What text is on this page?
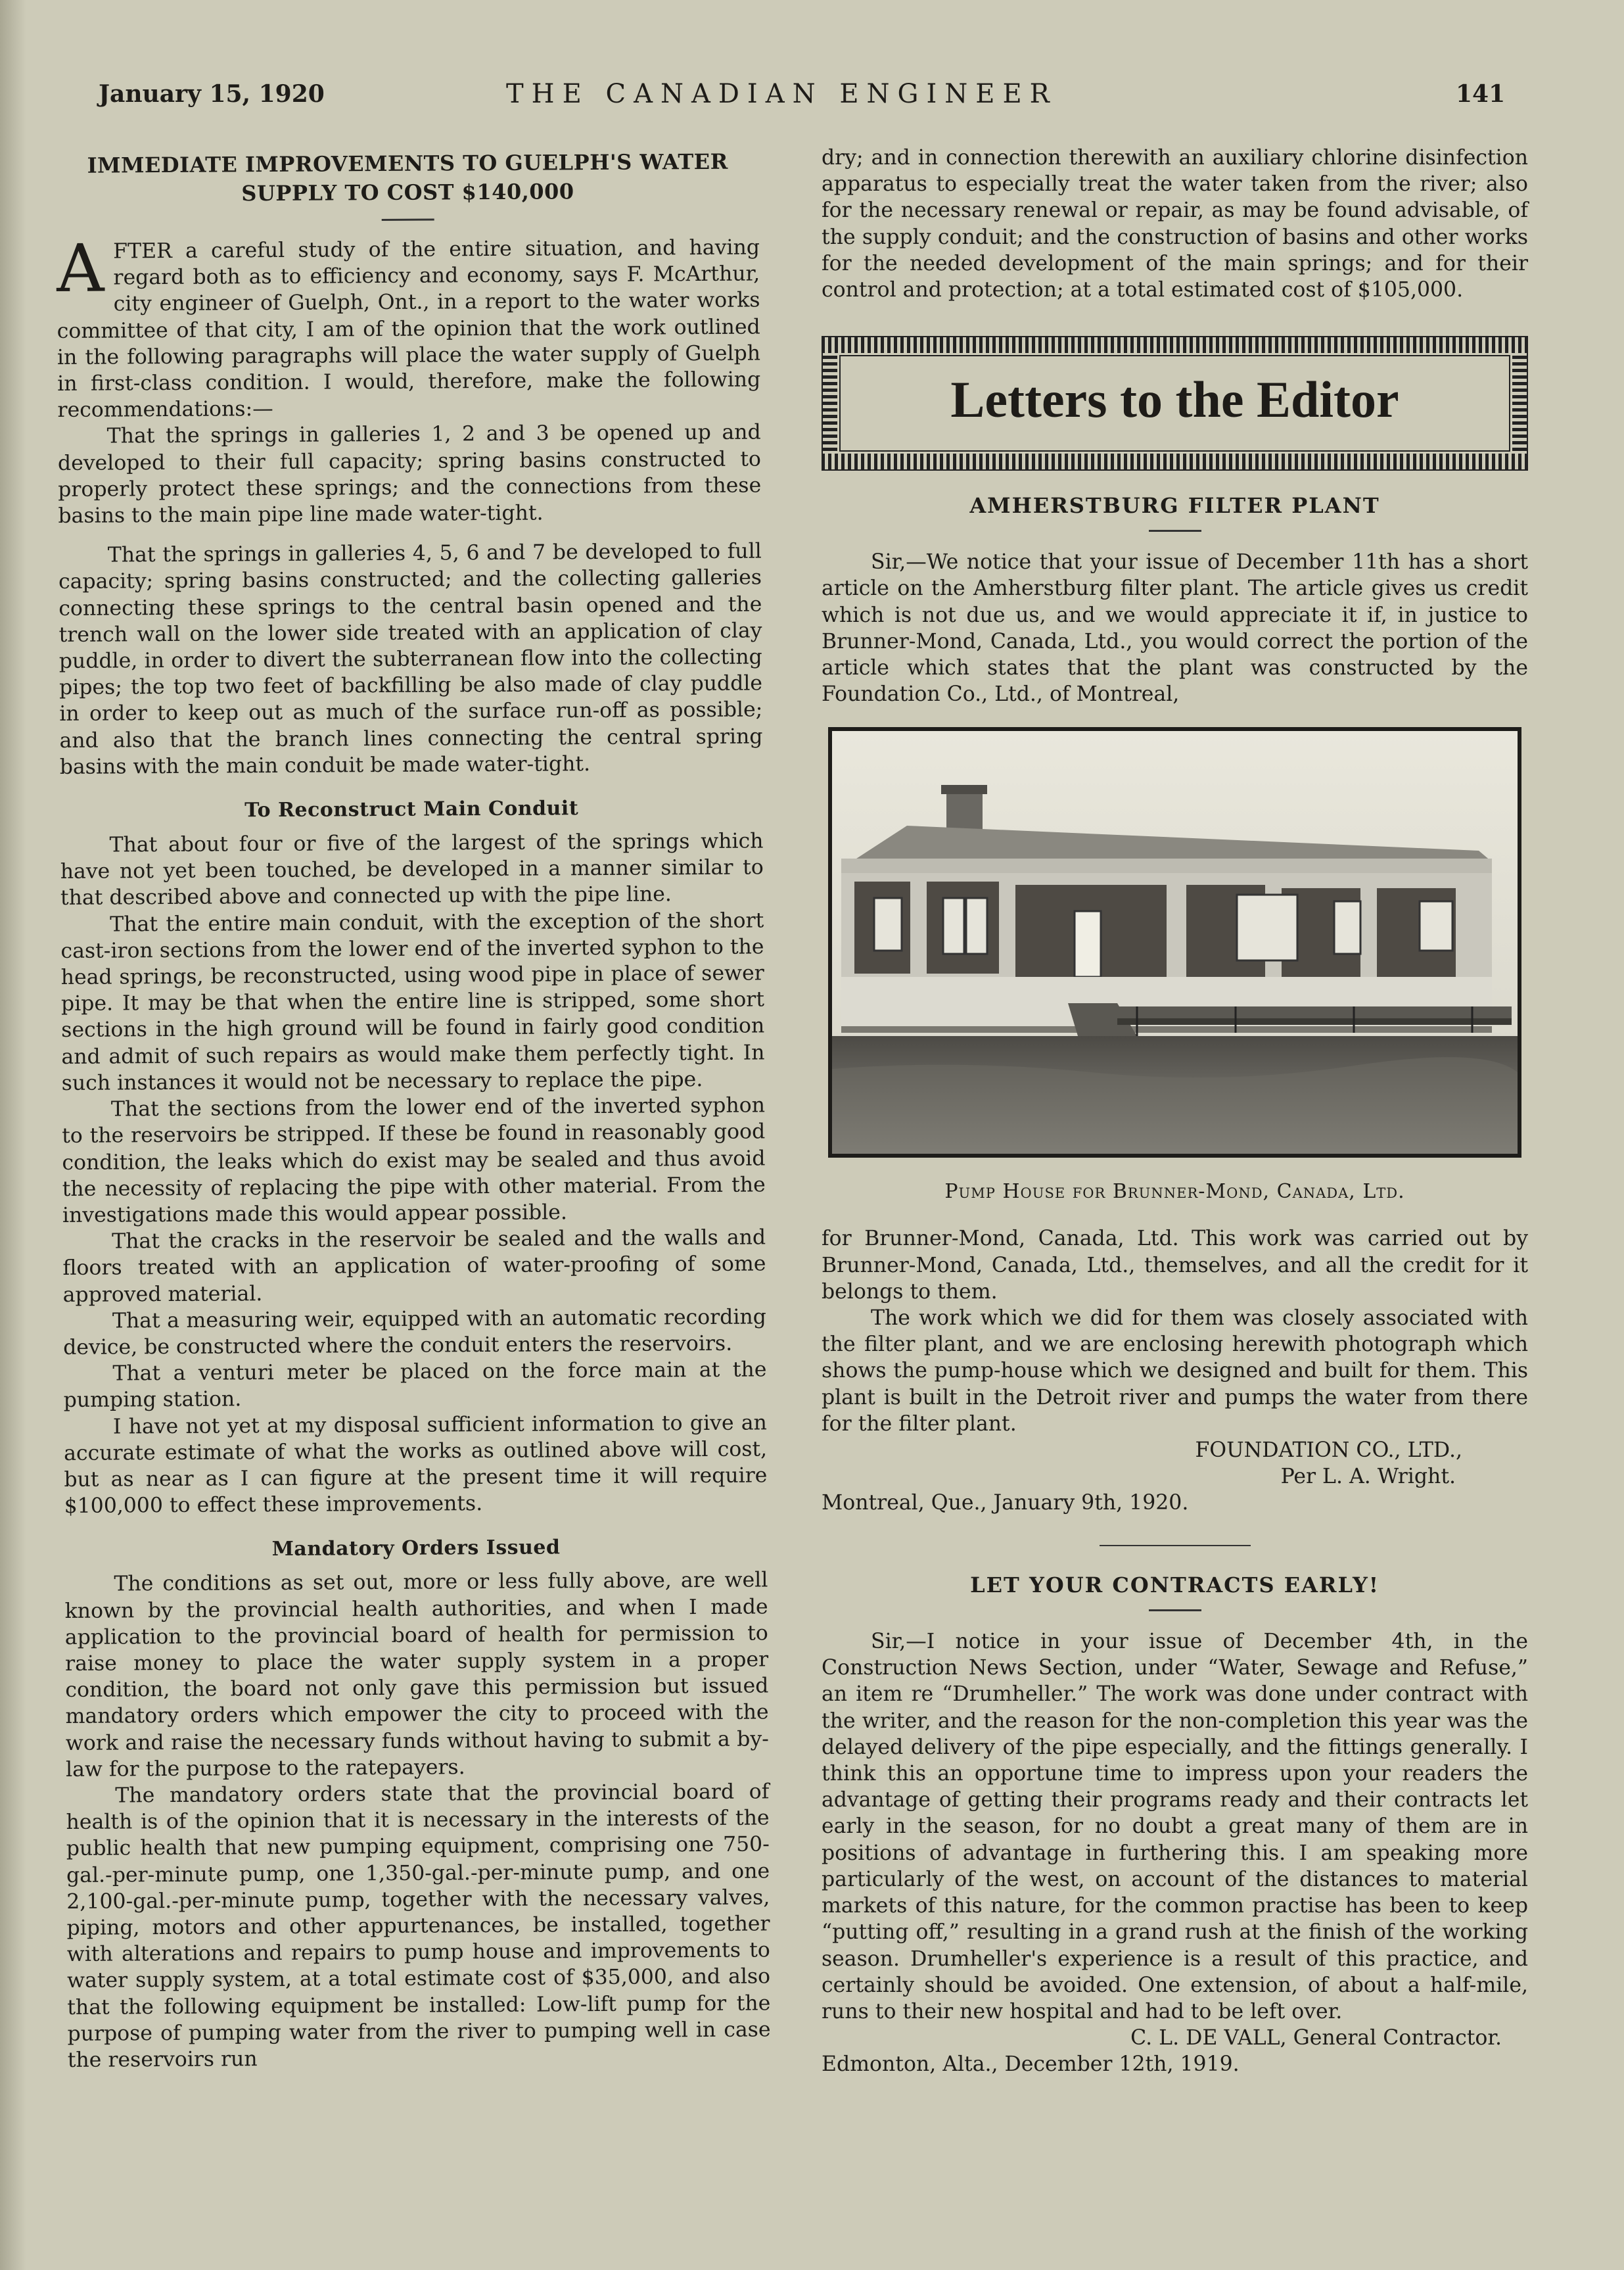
January 15, 1920	THE CANADIAN ENGINEER	141
IMMEDIATE IMPROVEMENTS TO GUELPH'S WATER SUPPLY TO COST $140,000

AFTER a careful study of the entire situation, and having regard both as to efficiency and economy, says F. McArthur, city engineer of Guelph, Ont., in a report to the water works committee of that city, I am of the opinion that the work outlined in the following paragraphs will place the water supply of Guelph in first-class condition. I would, therefore, make the following recommendations:—

That the springs in galleries 1, 2 and 3 be opened up and developed to their full capacity; spring basins constructed to properly protect these springs; and the connections from these basins to the main pipe line made water-tight.

That the springs in galleries 4, 5, 6 and 7 be developed to full capacity; spring basins constructed; and the collecting galleries connecting these springs to the central basin opened and the trench wall on the lower side treated with an application of clay puddle, in order to divert the subterranean flow into the collecting pipes; the top two feet of backfilling be also made of clay puddle in order to keep out as much of the surface run-off as possible; and also that the branch lines connecting the central spring basins with the main conduit be made water-tight.

To Reconstruct Main Conduit

That about four or five of the largest of the springs which have not yet been touched, be developed in a manner similar to that described above and connected up with the pipe line.

That the entire main conduit, with the exception of the short cast-iron sections from the lower end of the inverted syphon to the head springs, be reconstructed, using wood pipe in place of sewer pipe. It may be that when the entire line is stripped, some short sections in the high ground will be found in fairly good condition and admit of such repairs as would make them perfectly tight. In such instances it would not be necessary to replace the pipe.

That the sections from the lower end of the inverted syphon to the reservoirs be stripped. If these be found in reasonably good condition, the leaks which do exist may be sealed and thus avoid the necessity of replacing the pipe with other material. From the investigations made this would appear possible.

That the cracks in the reservoir be sealed and the walls and floors treated with an application of water-proofing of some approved material.

That a measuring weir, equipped with an automatic recording device, be constructed where the conduit enters the reservoirs.

That a venturi meter be placed on the force main at the pumping station.

I have not yet at my disposal sufficient information to give an accurate estimate of what the works as outlined above will cost, but as near as I can figure at the present time it will require $100,000 to effect these improvements.

Mandatory Orders Issued

The conditions as set out, more or less fully above, are well known by the provincial health authorities, and when I made application to the provincial board of health for permission to raise money to place the water supply system in a proper condition, the board not only gave this permission but issued mandatory orders which empower the city to proceed with the work and raise the necessary funds without having to submit a by-law for the purpose to the ratepayers.

The mandatory orders state that the provincial board of health is of the opinion that it is necessary in the interests of the public health that new pumping equipment, comprising one 750-gal.-per-minute pump, one 1,350-gal.-per-minute pump, and one 2,100-gal.-per-minute pump, together with the necessary valves, piping, motors and other appurtenances, be installed, together with alterations and repairs to pump house and improvements to water supply system, at a total estimate cost of $35,000, and also that the following equipment be installed: Low-lift pump for the purpose of pumping water from the river to pumping well in case the reservoirs run

dry; and in connection therewith an auxiliary chlorine disinfection apparatus to especially treat the water taken from the river; also for the necessary renewal or repair, as may be found advisable, of the supply conduit; and the construction of basins and other works for the needed development of the main springs; and for their control and protection; at a total estimated cost of $105,000.

Letters to the Editor
AMHERSTBURG FILTER PLANT

Sir,—We notice that your issue of December 11th has a short article on the Amherstburg filter plant. The article gives us credit which is not due us, and we would appreciate it if, in justice to Brunner-Mond, Canada, Ltd., you would correct the portion of the article which states that the plant was constructed by the Foundation Co., Ltd., of Montreal,

Pump House for Brunner-Mond, Canada, Ltd.

for Brunner-Mond, Canada, Ltd. This work was carried out by Brunner-Mond, Canada, Ltd., themselves, and all the credit for it belongs to them.

The work which we did for them was closely associated with the filter plant, and we are enclosing herewith photograph which shows the pump-house which we designed and built for them. This plant is built in the Detroit river and pumps the water from there for the filter plant.

FOUNDATION CO., LTD.,
Per L. A. Wright.
Montreal, Que., January 9th, 1920.
LET YOUR CONTRACTS EARLY!

Sir,—I notice in your issue of December 4th, in the Construction News Section, under “Water, Sewage and Refuse,” an item re “Drumheller.” The work was done under contract with the writer, and the reason for the non-completion this year was the delayed delivery of the pipe especially, and the fittings generally. I think this an opportune time to impress upon your readers the advantage of getting their programs ready and their contracts let early in the season, for no doubt a great many of them are in positions of advantage in furthering this. I am speaking more particularly of the west, on account of the distances to material markets of this nature, for the common practise has been to keep “putting off,” resulting in a grand rush at the finish of the working season. Drumheller's experience is a result of this practice, and certainly should be avoided. One extension, of about a half-mile, runs to their new hospital and had to be left over.

C. L. DE VALL, General Contractor.
Edmonton, Alta., December 12th, 1919.
